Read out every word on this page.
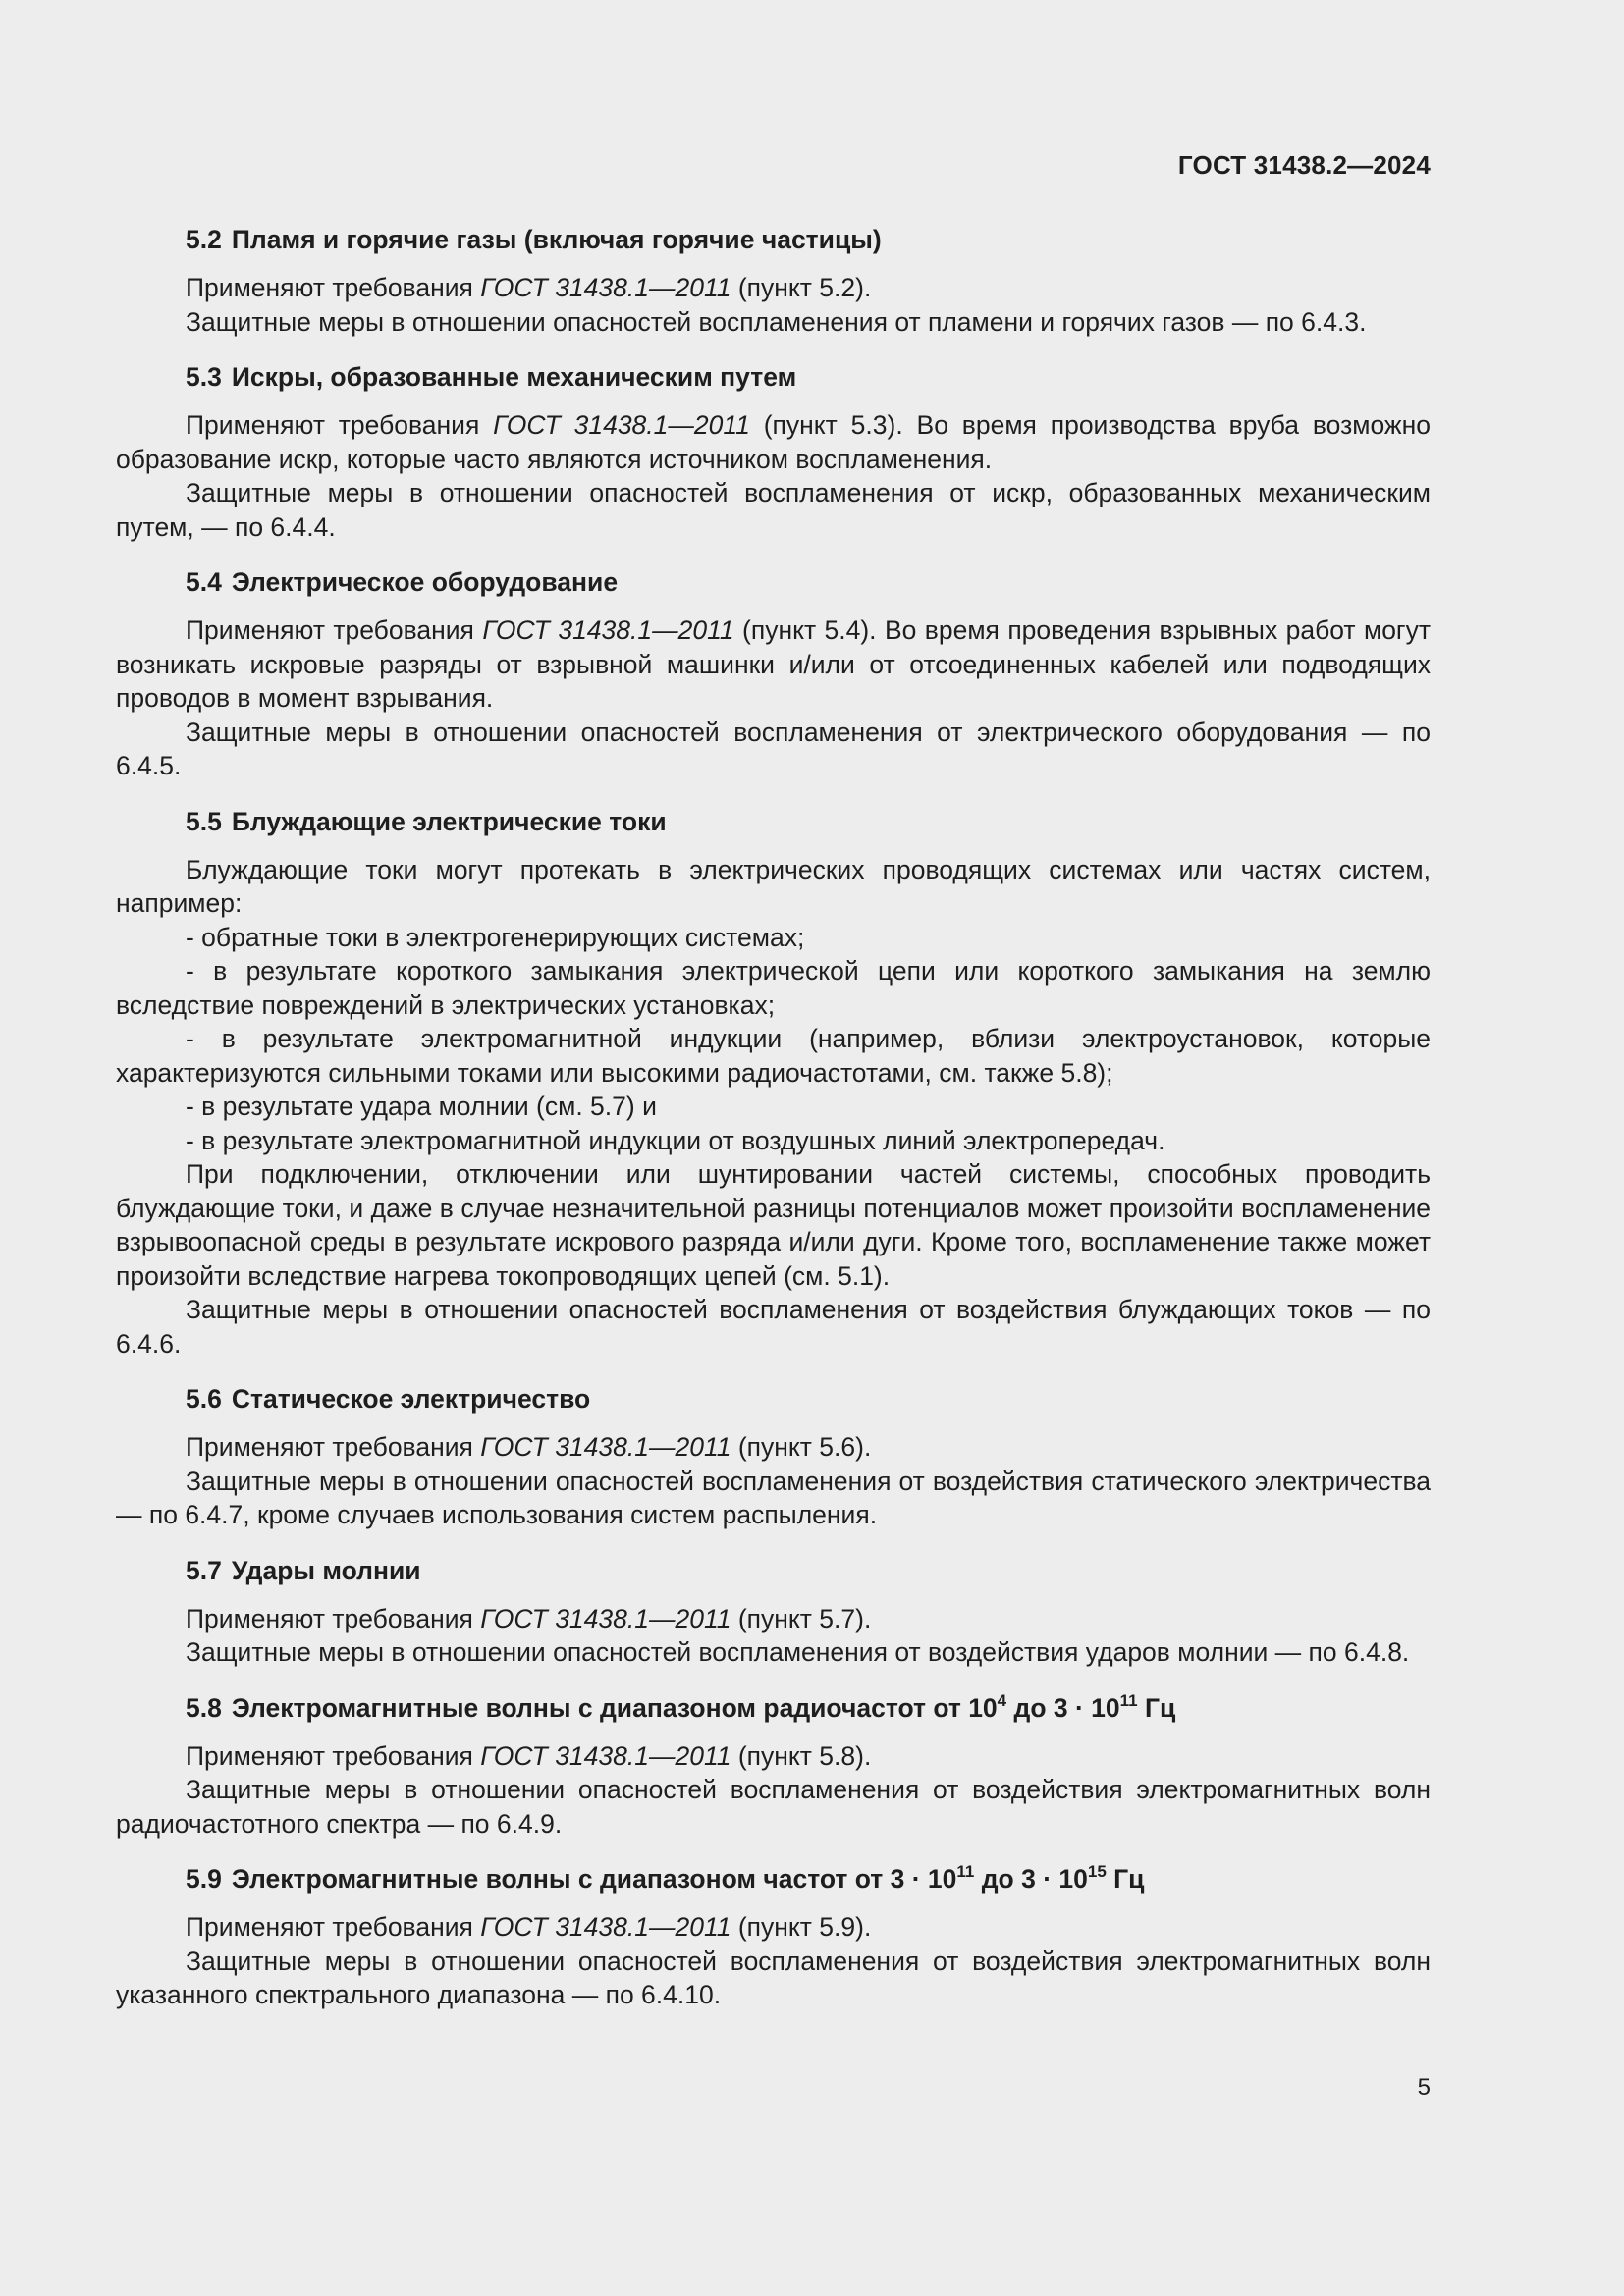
ГОСТ 31438.2—2024
5.2 Пламя и горячие газы (включая горячие частицы)

Применяют требования ГОСТ 31438.1—2011 (пункт 5.2).

Защитные меры в отношении опасностей воспламенения от пламени и горячих газов — по 6.4.3.

5.3 Искры, образованные механическим путем

Применяют требования ГОСТ 31438.1—2011 (пункт 5.3). Во время производства вруба возможно образование искр, которые часто являются источником воспламенения.

Защитные меры в отношении опасностей воспламенения от искр, образованных механическим путем, — по 6.4.4.

5.4 Электрическое оборудование

Применяют требования ГОСТ 31438.1—2011 (пункт 5.4). Во время проведения взрывных работ могут возникать искровые разряды от взрывной машинки и/или от отсоединенных кабелей или подводящих проводов в момент взрывания.

Защитные меры в отношении опасностей воспламенения от электрического оборудования — по 6.4.5.

5.5 Блуждающие электрические токи

Блуждающие токи могут протекать в электрических проводящих системах или частях систем, например:

- обратные токи в электрогенерирующих системах;

- в результате короткого замыкания электрической цепи или короткого замыкания на землю вследствие повреждений в электрических установках;

- в результате электромагнитной индукции (например, вблизи электроустановок, которые характеризуются сильными токами или высокими радиочастотами, см. также 5.8);

- в результате удара молнии (см. 5.7) и

- в результате электромагнитной индукции от воздушных линий электропередач.

При подключении, отключении или шунтировании частей системы, способных проводить блуждающие токи, и даже в случае незначительной разницы потенциалов может произойти воспламенение взрывоопасной среды в результате искрового разряда и/или дуги. Кроме того, воспламенение также может произойти вследствие нагрева токопроводящих цепей (см. 5.1).

Защитные меры в отношении опасностей воспламенения от воздействия блуждающих токов — по 6.4.6.

5.6 Статическое электричество

Применяют требования ГОСТ 31438.1—2011 (пункт 5.6).

Защитные меры в отношении опасностей воспламенения от воздействия статического электричества — по 6.4.7, кроме случаев использования систем распыления.

5.7 Удары молнии

Применяют требования ГОСТ 31438.1—2011 (пункт 5.7).

Защитные меры в отношении опасностей воспламенения от воздействия ударов молнии — по 6.4.8.

5.8 Электромагнитные волны с диапазоном радиочастот от $10^4$ до $3 \cdot 10^{11}$ Гц

Применяют требования ГОСТ 31438.1—2011 (пункт 5.8).

Защитные меры в отношении опасностей воспламенения от воздействия электромагнитных волн радиочастотного спектра — по 6.4.9.

5.9 Электромагнитные волны с диапазоном частот от $3 \cdot 10^{11}$ до $3 \cdot 10^{15}$ Гц

Применяют требования ГОСТ 31438.1—2011 (пункт 5.9).

Защитные меры в отношении опасностей воспламенения от воздействия электромагнитных волн указанного спектрального диапазона — по 6.4.10.

5
